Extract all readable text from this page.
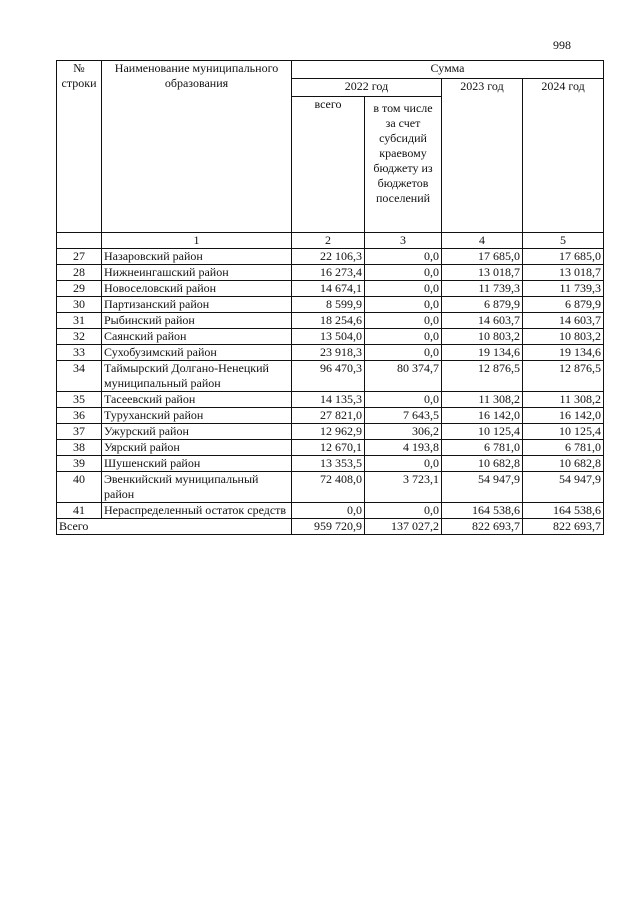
998
№ строки	Наименование муниципального образования	Сумма			
		2022 год		2023 год	2024 год
		всего	в том числе за счет субсидий краевому бюджету из бюджетов поселений		
	1	2	3	4	5
27	Назаровский район	22 106,3	0,0	17 685,0	17 685,0
28	Нижнеингашский район	16 273,4	0,0	13 018,7	13 018,7
29	Новоселовский район	14 674,1	0,0	11 739,3	11 739,3
30	Партизанский район	8 599,9	0,0	6 879,9	6 879,9
31	Рыбинский район	18 254,6	0,0	14 603,7	14 603,7
32	Саянский район	13 504,0	0,0	10 803,2	10 803,2
33	Сухобузимский район	23 918,3	0,0	19 134,6	19 134,6
34	Таймырский Долгано-Ненецкий муниципальный район	96 470,3	80 374,7	12 876,5	12 876,5
35	Тасеевский район	14 135,3	0,0	11 308,2	11 308,2
36	Туруханский район	27 821,0	7 643,5	16 142,0	16 142,0
37	Ужурский район	12 962,9	306,2	10 125,4	10 125,4
38	Уярский район	12 670,1	4 193,8	6 781,0	6 781,0
39	Шушенский район	13 353,5	0,0	10 682,8	10 682,8
40	Эвенкийский муниципальный район	72 408,0	3 723,1	54 947,9	54 947,9
41	Нераспределенный остаток средств	0,0	0,0	164 538,6	164 538,6
Всего		959 720,9	137 027,2	822 693,7	822 693,7
